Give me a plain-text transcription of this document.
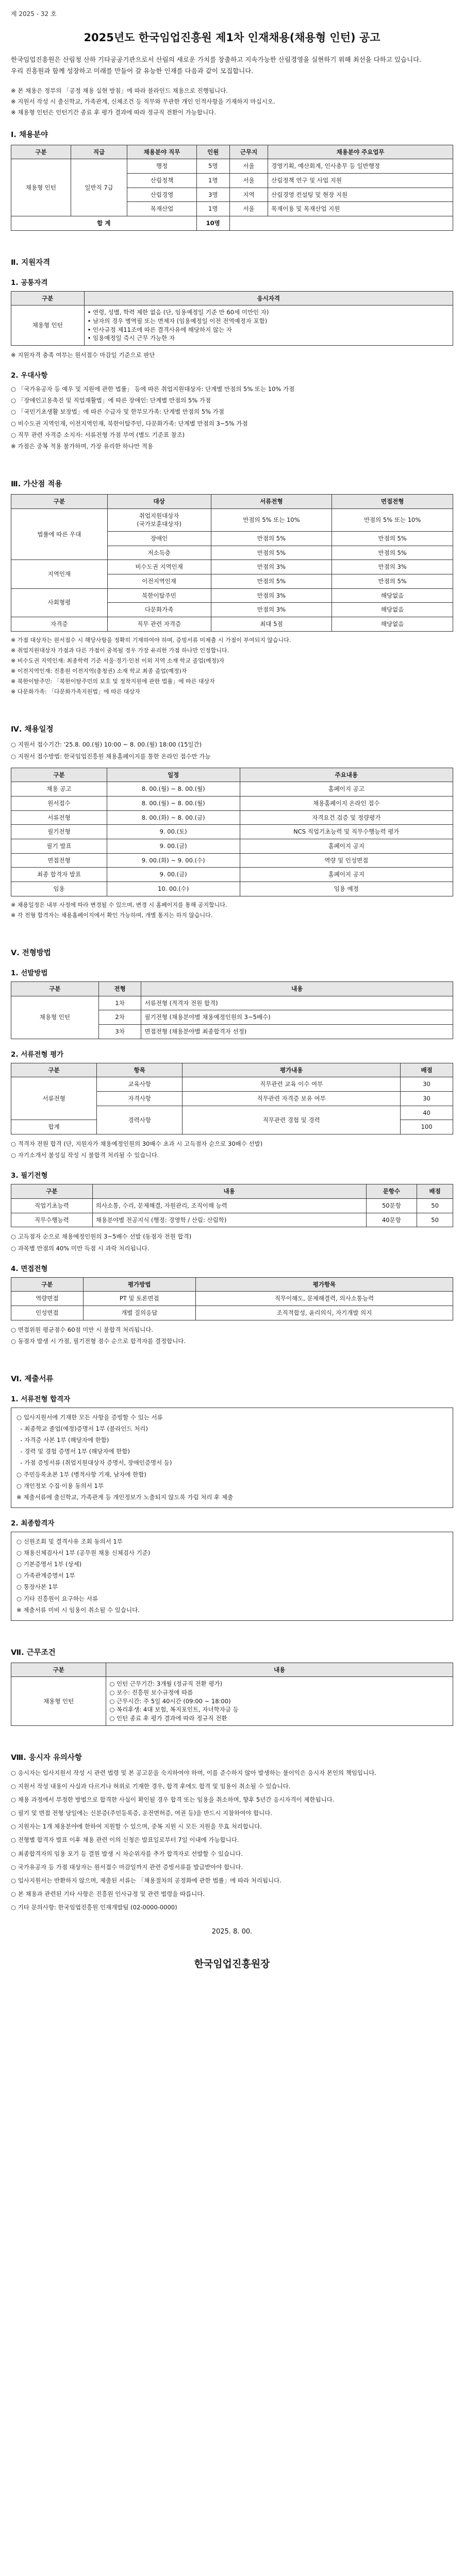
제 2025 - 32 호
2025년도 한국임업진흥원 제1차 인재채용(채용형 인턴) 공고

한국임업진흥원은 산림청 산하 기타공공기관으로서 산림의 새로운 가치를 창출하고 지속가능한 산림경영을 실현하기 위해 최선을 다하고 있습니다.

우리 진흥원과 함께 성장하고 미래를 만들어 갈 유능한 인재를 다음과 같이 모집합니다.

※ 본 채용은 정부의 「공정 채용 실현 방침」에 따라 블라인드 채용으로 진행됩니다.
※ 지원서 작성 시 출신학교, 가족관계, 신체조건 등 직무와 무관한 개인 인적사항을 기재하지 마십시오.
※ 채용형 인턴은 인턴기간 종료 후 평가 결과에 따라 정규직 전환이 가능합니다.
Ⅰ. 채용분야
구분	직급	채용분야 직무	인원	근무지	채용분야 주요업무
채용형 인턴	일반직 7급	행정	5명	서울	경영기획, 예산회계, 인사총무 등 일반행정
		산림정책	1명	서울	산림정책 연구 및 사업 지원
		산림경영	3명	지역	산림경영 컨설팅 및 현장 지원
		목재산업	1명	서울	목재이용 및 목재산업 지원
합 계			10명		
Ⅱ. 지원자격
1. 공통자격
구분	응시자격
채용형 인턴	• 연령, 성별, 학력 제한 없음 (단, 임용예정일 기준 만 60세 미만인 자)
• 남자의 경우 병역필 또는 면제자 (임용예정일 이전 전역예정자 포함)
• 인사규정 제11조에 따른 결격사유에 해당하지 않는 자
• 임용예정일 즉시 근무 가능한 자
※ 지원자격 충족 여부는 원서접수 마감일 기준으로 판단
2. 우대사항
○ 「국가유공자 등 예우 및 지원에 관한 법률」 등에 따른 취업지원대상자: 단계별 만점의 5% 또는 10% 가점
○ 「장애인고용촉진 및 직업재활법」에 따른 장애인: 단계별 만점의 5% 가점
○ 「국민기초생활 보장법」에 따른 수급자 및 한부모가족: 단계별 만점의 5% 가점
○ 비수도권 지역인재, 이전지역인재, 북한이탈주민, 다문화가족: 단계별 만점의 3~5% 가점
○ 직무 관련 자격증 소지자: 서류전형 가점 부여 (별도 기준표 참조)
※ 가점은 중복 적용 불가하며, 가장 유리한 하나만 적용
Ⅲ. 가산점 적용
구분	대상	서류전형	면접전형
법률에 따른 우대	취업지원대상자
(국가보훈대상자)	만점의 5% 또는 10%	만점의 5% 또는 10%
	장애인	만점의 5%	만점의 5%
	저소득층	만점의 5%	만점의 5%
지역인재	비수도권 지역인재	만점의 3%	만점의 3%
	이전지역인재	만점의 5%	만점의 5%
사회형평	북한이탈주민	만점의 3%	해당없음
	다문화가족	만점의 3%	해당없음
자격증	직무 관련 자격증	최대 5점	해당없음
※ 가점 대상자는 원서접수 시 해당사항을 정확히 기재하여야 하며, 증빙서류 미제출 시 가점이 부여되지 않습니다.
※ 취업지원대상자 가점과 다른 가점이 중복될 경우 가장 유리한 가점 하나만 인정합니다.
※ 비수도권 지역인재: 최종학력 기준 서울·경기·인천 이외 지역 소재 학교 졸업(예정)자
※ 이전지역인재: 진흥원 이전지역(충청권) 소재 학교 최종 졸업(예정)자
※ 북한이탈주민: 「북한이탈주민의 보호 및 정착지원에 관한 법률」에 따른 대상자
※ 다문화가족: 「다문화가족지원법」에 따른 대상자
Ⅳ. 채용일정
○ 지원서 접수기간: '25.8. 00.(월) 10:00 ~ 8. 00.(월) 18:00 (15일간)
○ 지원서 접수방법: 한국임업진흥원 채용홈페이지를 통한 온라인 접수만 가능
구분	일정	주요내용
채용 공고	8. 00.(월) ~ 8. 00.(월)	홈페이지 공고
원서접수	8. 00.(월) ~ 8. 00.(월)	채용홈페이지 온라인 접수
서류전형	8. 00.(화) ~ 8. 00.(금)	자격요건 검증 및 정량평가
필기전형	9. 00.(토)	NCS 직업기초능력 및 직무수행능력 평가
필기 발표	9. 00.(금)	홈페이지 공지
면접전형	9. 00.(화) ~ 9. 00.(수)	역량 및 인성면접
최종 합격자 발표	9. 00.(금)	홈페이지 공지
임용	10. 00.(수)	임용 예정
※ 채용일정은 내부 사정에 따라 변경될 수 있으며, 변경 시 홈페이지를 통해 공지합니다.
※ 각 전형 합격자는 채용홈페이지에서 확인 가능하며, 개별 통지는 하지 않습니다.
Ⅴ. 전형방법
1. 선발방법
구분	전형	내용
채용형 인턴	1차	서류전형 (적격자 전원 합격)
	2차	필기전형 (채용분야별 채용예정인원의 3~5배수)
	3차	면접전형 (채용분야별 최종합격자 선정)
2. 서류전형 평가
구분	항목	평가내용	배점
서류전형	교육사항	직무관련 교육 이수 여부	30
	자격사항	직무관련 자격증 보유 여부	30
	경력사항	직무관련 경험 및 경력	40
합계			100
○ 적격자 전원 합격 (단, 지원자가 채용예정인원의 30배수 초과 시 고득점자 순으로 30배수 선발)
○ 자기소개서 불성실 작성 시 불합격 처리될 수 있습니다.
3. 필기전형
구분	내용	문항수	배점
직업기초능력	의사소통, 수리, 문제해결, 자원관리, 조직이해 능력	50문항	50
직무수행능력	채용분야별 전공지식 (행정: 경영학 / 산림: 산림학)	40문항	50
○ 고득점자 순으로 채용예정인원의 3~5배수 선발 (동점자 전원 합격)
○ 과목별 만점의 40% 미만 득점 시 과락 처리됩니다.
4. 면접전형
구분	평가방법	평가항목
역량면접	PT 및 토론면접	직무이해도, 문제해결력, 의사소통능력
인성면접	개별 질의응답	조직적합성, 윤리의식, 자기개발 의지
○ 면접위원 평균점수 60점 미만 시 불합격 처리됩니다.
○ 동점자 발생 시 가점, 필기전형 점수 순으로 합격자를 결정합니다.
Ⅵ. 제출서류
1. 서류전형 합격자
○ 입사지원서에 기재한 모든 사항을 증빙할 수 있는 서류
- 최종학교 졸업(예정)증명서 1부 (블라인드 처리)
- 자격증 사본 1부 (해당자에 한함)
- 경력 및 경험 증명서 1부 (해당자에 한함)
- 가점 증빙서류 (취업지원대상자 증명서, 장애인증명서 등)
○ 주민등록초본 1부 (병적사항 기재, 남자에 한함)
○ 개인정보 수집·이용 동의서 1부
※ 제출서류에 출신학교, 가족관계 등 개인정보가 노출되지 않도록 가림 처리 후 제출
2. 최종합격자
○ 신원조회 및 결격사유 조회 동의서 1부
○ 채용신체검사서 1부 (공무원 채용 신체검사 기준)
○ 기본증명서 1부 (상세)
○ 가족관계증명서 1부
○ 통장사본 1부
○ 기타 진흥원이 요구하는 서류
※ 제출서류 미비 시 임용이 취소될 수 있습니다.
Ⅶ. 근무조건
구분	내용
채용형 인턴	○ 인턴 근무기간: 3개월 (정규직 전환 평가)
○ 보수: 진흥원 보수규정에 따름
○ 근무시간: 주 5일 40시간 (09:00 ~ 18:00)
○ 복리후생: 4대 보험, 복지포인트, 자녀학자금 등
○ 인턴 종료 후 평가 결과에 따라 정규직 전환
Ⅷ. 응시자 유의사항
○ 응시자는 입사지원서 작성 시 관련 법령 및 본 공고문을 숙지하여야 하며, 이를 준수하지 않아 발생하는 불이익은 응시자 본인의 책임입니다.
○ 지원서 작성 내용이 사실과 다르거나 허위로 기재한 경우, 합격 후에도 합격 및 임용이 취소될 수 있습니다.
○ 채용 과정에서 부정한 방법으로 합격한 사실이 확인될 경우 합격 또는 임용을 취소하며, 향후 5년간 응시자격이 제한됩니다.
○ 필기 및 면접 전형 당일에는 신분증(주민등록증, 운전면허증, 여권 등)을 반드시 지참하여야 합니다.
○ 지원자는 1개 채용분야에 한하여 지원할 수 있으며, 중복 지원 시 모든 지원을 무효 처리합니다.
○ 전형별 합격자 발표 이후 채용 관련 이의 신청은 발표일로부터 7일 이내에 가능합니다.
○ 최종합격자의 임용 포기 등 결원 발생 시 차순위자를 추가 합격자로 선발할 수 있습니다.
○ 국가유공자 등 가점 대상자는 원서접수 마감일까지 관련 증빙서류를 발급받아야 합니다.
○ 입사지원서는 반환하지 않으며, 제출된 서류는 「채용절차의 공정화에 관한 법률」에 따라 처리됩니다.
○ 본 채용과 관련된 기타 사항은 진흥원 인사규정 및 관련 법령을 따릅니다.
○ 기타 문의사항: 한국임업진흥원 인재개발팀 (02-0000-0000)
2025. 8. 00.
한국임업진흥원장
